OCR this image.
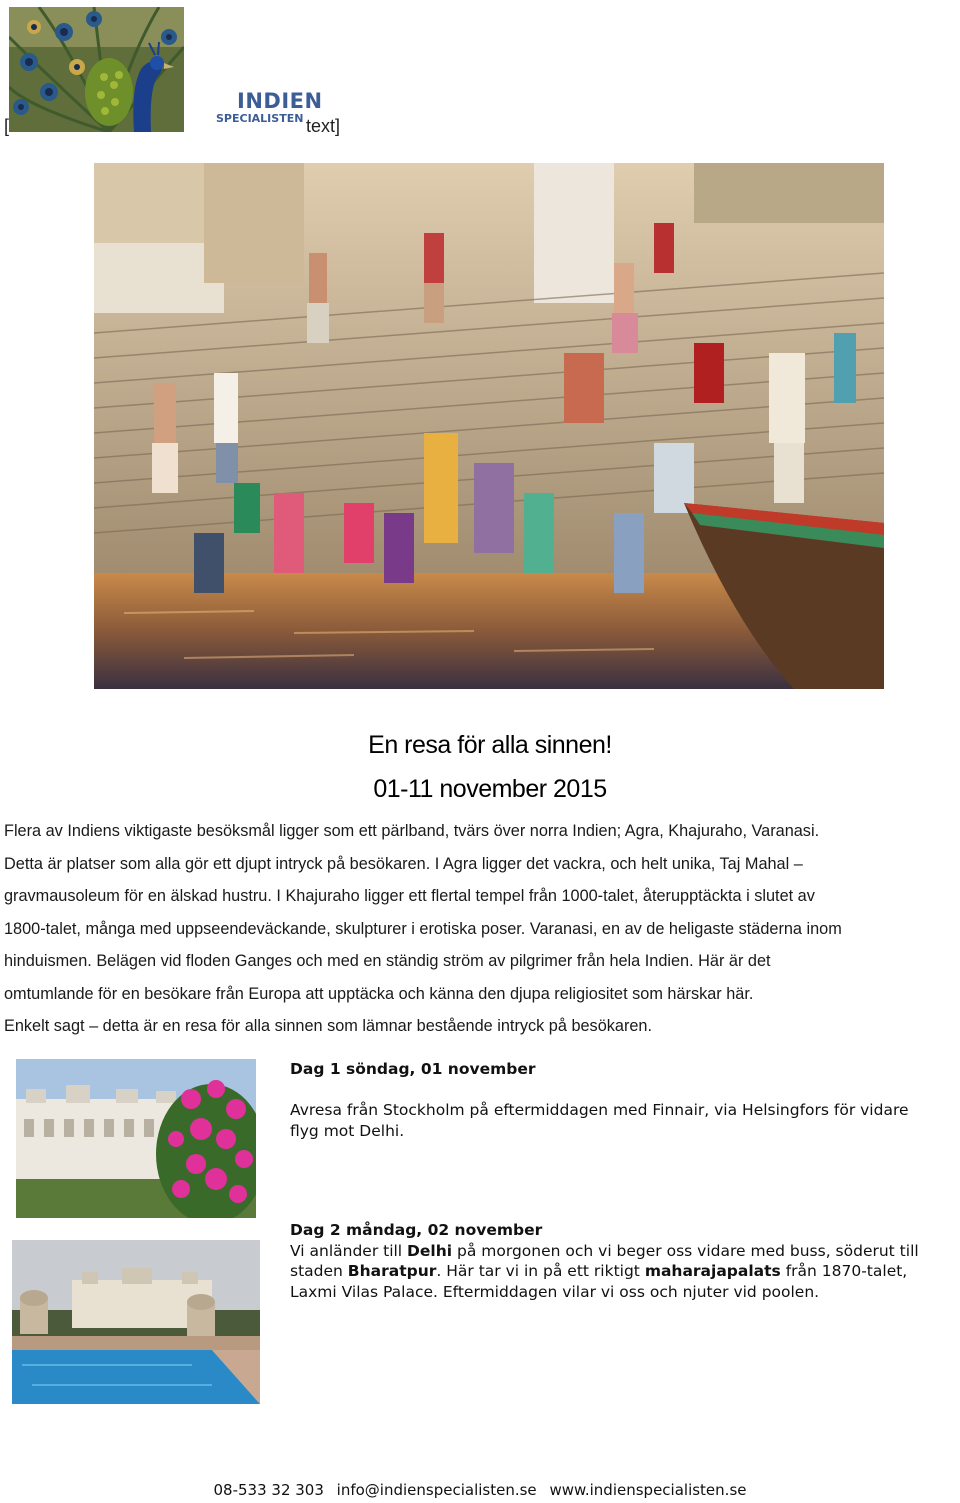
[
INDIEN
SPECIALISTEN text]
En resa för alla sinnen!
01-11 november 2015
Flera av Indiens viktigaste besöksmål ligger som ett pärlband, tvärs över norra Indien; Agra, Khajuraho, Varanasi.
Detta är platser som alla gör ett djupt intryck på besökaren. I Agra ligger det vackra, och helt unika, Taj Mahal –
gravmausoleum för en älskad hustru. I Khajuraho ligger ett flertal tempel från 1000-talet, återupptäckta i slutet av
1800-talet, många med uppseendeväckande, skulpturer i erotiska poser. Varanasi, en av de heligaste städerna inom
hinduismen. Belägen vid floden Ganges och med en ständig ström av pilgrimer från hela Indien. Här är det
omtumlande för en besökare från Europa att upptäcka och känna den djupa religiositet som härskar här.
Enkelt sagt – detta är en resa för alla sinnen som lämnar bestående intryck på besökaren.
Dag 1 söndag, 01 november
Avresa från Stockholm på eftermiddagen med Finnair, via Helsingfors för vidare flyg mot Delhi.
Dag 2 måndag, 02 november
Vi anländer till Delhi på morgonen och vi beger oss vidare med buss, söderut till staden Bharatpur. Här tar vi in på ett riktigt maharajapalats från 1870-talet, Laxmi Vilas Palace. Eftermiddagen vilar vi oss och njuter vid poolen.
08-533 32 303 info@indienspecialisten.se www.indienspecialisten.se
